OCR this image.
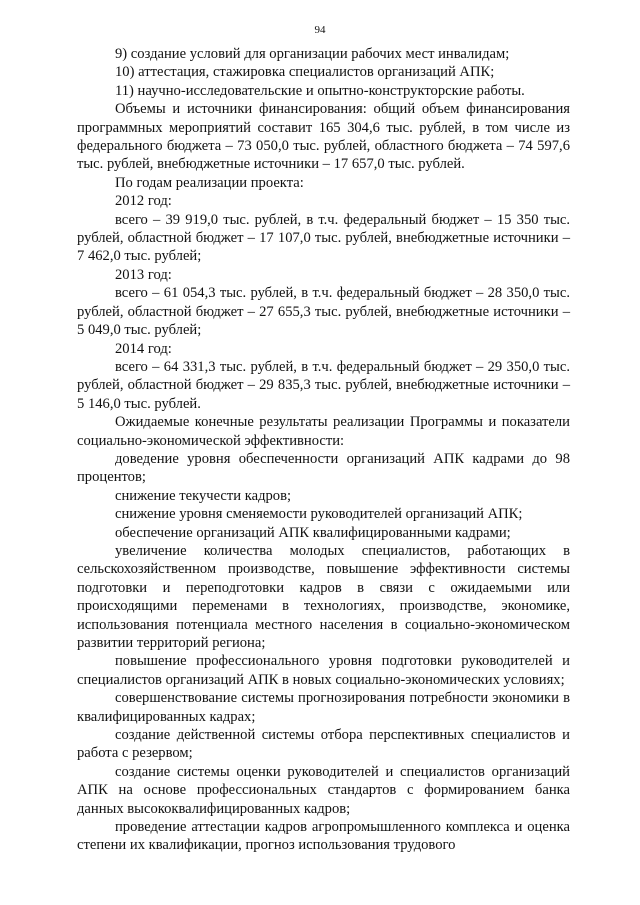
94

9) создание условий для организации рабочих мест инвалидам;

10) аттестация, стажировка специалистов организаций АПК;

11) научно-исследовательские и опытно-конструкторские работы.

Объемы и источники финансирования: общий объем финансирования программных мероприятий составит 165 304,6 тыс. рублей, в том числе из федерального бюджета – 73 050,0 тыс. рублей, областного бюджета – 74 597,6 тыс. рублей, внебюджетные источники – 17 657,0 тыс. рублей.

По годам реализации проекта:

2012 год:

всего – 39 919,0 тыс. рублей, в т.ч. федеральный бюджет – 15 350 тыс. рублей, областной бюджет – 17 107,0 тыс. рублей, внебюджетные источники – 7 462,0 тыс. рублей;

2013 год:

всего – 61 054,3 тыс. рублей, в т.ч. федеральный бюджет – 28 350,0 тыс. рублей, областной бюджет – 27 655,3 тыс. рублей, внебюджетные источники – 5 049,0 тыс. рублей;

2014 год:

всего – 64 331,3 тыс. рублей, в т.ч. федеральный бюджет – 29 350,0 тыс. рублей, областной бюджет – 29 835,3 тыс. рублей, внебюджетные источники – 5 146,0 тыс. рублей.

Ожидаемые конечные результаты реализации Программы и показатели социально-экономической эффективности:

доведение уровня обеспеченности организаций АПК кадрами до 98 процентов;

снижение текучести кадров;

снижение уровня сменяемости руководителей организаций АПК;

обеспечение организаций АПК квалифицированными кадрами;

увеличение количества молодых специалистов, работающих в сельскохозяйственном производстве, повышение эффективности системы подготовки и переподготовки кадров в связи с ожидаемыми или происходящими переменами в технологиях, производстве, экономике, использования потенциала местного населения в социально-экономическом развитии территорий региона;

повышение профессионального уровня подготовки руководителей и специалистов организаций АПК в новых социально-экономических условиях;

совершенствование системы прогнозирования потребности экономики в квалифицированных кадрах;

создание действенной системы отбора перспективных специалистов и работа с резервом;

создание системы оценки руководителей и специалистов организаций АПК на основе профессиональных стандартов с формированием банка данных высококвалифицированных кадров;

проведение аттестации кадров агропромышленного комплекса и оценка степени их квалификации, прогноз использования трудового
